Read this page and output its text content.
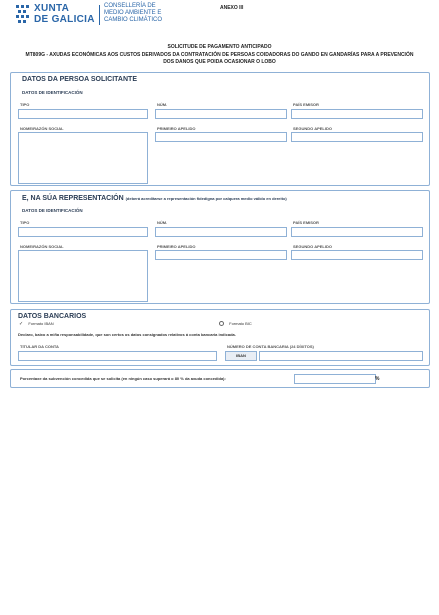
XUNTA
DE GALICIA
CONSELLERÍA DE
MEDIO AMBIENTE E
CAMBIO CLIMÁTICO
ANEXO III
SOLICITUDE DE PAGAMENTO ANTICIPADO
MT809G - AXUDAS ECONÓMICAS AOS CUSTOS DERIVADOS DA CONTRATACIÓN DE PERSOAS COIDADORAS DO GANDO EN GANDARÍAS PARA A PREVENCIÓN DOS DANOS QUE POIDA OCASIONAR O LOBO
DATOS DA PERSOA SOLICITANTE
DATOS DE IDENTIFICACIÓN
TIPO	NÚM.	PAÍS EMISOR
NOME/RAZÓN SOCIAL	PRIMEIRO APELIDO	SEGUNDO APELIDO
E, NA SÚA REPRESENTACIÓN (deberá acreditarse a representación fidedigna por calquera medio válido en dereito)
DATOS DE IDENTIFICACIÓN
TIPO	NÚM.	PAÍS EMISOR
NOME/RAZÓN SOCIAL	PRIMEIRO APELIDO	SEGUNDO APELIDO
DATOS BANCARIOS
✓ Formato IBAN	Formato BIC
Declaro, baixo a miña responsabilidade, que son certos os datos consignados relativos á conta bancaria indicada.
TITULAR DA CONTA	NÚMERO DE CONTA BANCARIA (24 DÍXITOS)
IBAN
Porcentaxe da subvención concedida que se solicita (en ningún caso superará o 80 % da axuda concedida):	%
